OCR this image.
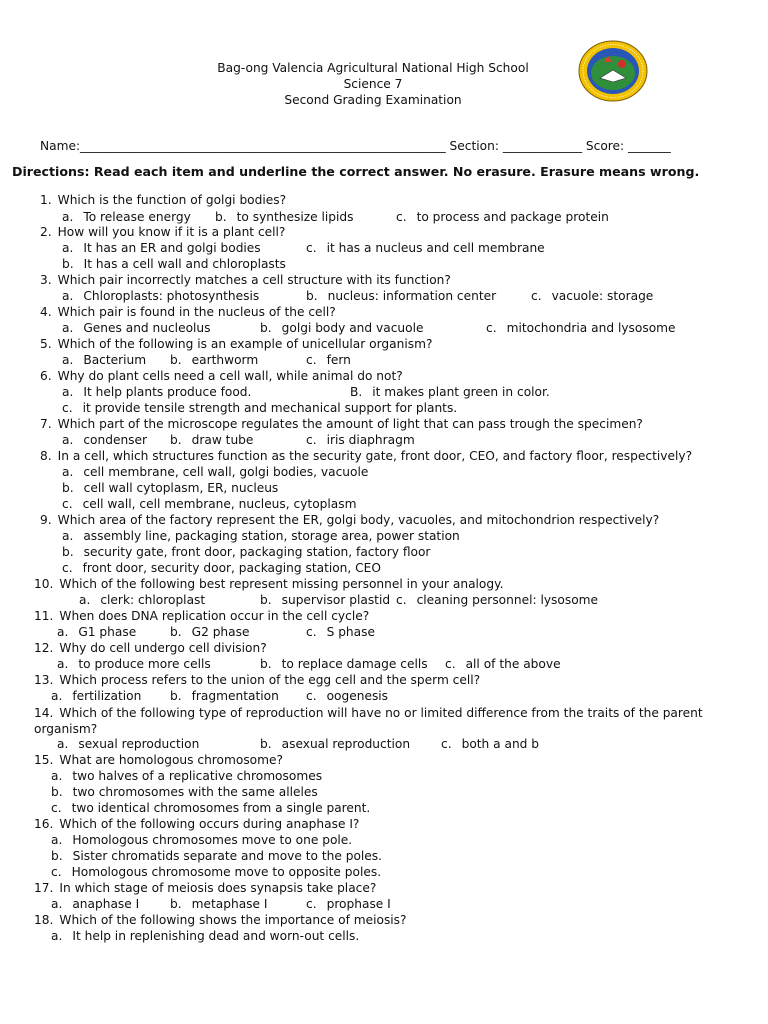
Bag-ong Valencia Agricultural National High School
Science 7
Second Grading Examination
Name:____________________________________________________________ Section: _____________ Score: _______
Directions: Read each item and underline the correct answer. No erasure. Erasure means wrong.
1. Which is the function of golgi bodies?
a. To release energy b. to synthesize lipids	c. to process and package protein
2. How will you know if it is a plant cell?
a. It has an ER and golgi bodies	c. it has a nucleus and cell membrane
b. It has a cell wall and chloroplasts
3. Which pair incorrectly matches a cell structure with its function?
a. Chloroplasts: photosynthesis	b. nucleus: information center	c. vacuole: storage
4. Which pair is found in the nucleus of the cell?
a. Genes and nucleolus	b. golgi body and vacuole	c. mitochondria and lysosome
5. Which of the following is an example of unicellular organism?
a. Bacterium b. earthworm	c. fern
6. Why do plant cells need a cell wall, while animal do not?
a. It help plants produce food.	B. it makes plant green in color.
c. it provide tensile strength and mechanical support for plants.
7. Which part of the microscope regulates the amount of light that can pass trough the specimen?
a. condenser b. draw tube	c. iris diaphragm
8. In a cell, which structures function as the security gate, front door, CEO, and factory floor, respectively?
a. cell membrane, cell wall, golgi bodies, vacuole
b. cell wall cytoplasm, ER, nucleus
c. cell wall, cell membrane, nucleus, cytoplasm
9. Which area of the factory represent the ER, golgi body, vacuoles, and mitochondrion respectively?
a. assembly line, packaging station, storage area, power station
b. security gate, front door, packaging station, factory floor
c. front door, security door, packaging station, CEO
10. Which of the following best represent missing personnel in your analogy.
a. clerk: chloroplast	b. supervisor plastid c. cleaning personnel: lysosome
11. When does DNA replication occur in the cell cycle?
a. G1 phase	b. G2 phase	c. S phase
12. Why do cell undergo cell division?
a. to produce more cells	b. to replace damage cells c. all of the above
13. Which process refers to the union of the egg cell and the sperm cell?
a. fertilization b. fragmentation c. oogenesis
14. Which of the following type of reproduction will have no or limited difference from the traits of the parent organism?
a. sexual reproduction	b. asexual reproduction	c. both a and b
15. What are homologous chromosome?
a. two halves of a replicative chromosomes
b. two chromosomes with the same alleles
c. two identical chromosomes from a single parent.
16. Which of the following occurs during anaphase I?
a. Homologous chromosomes move to one pole.
b. Sister chromatids separate and move to the poles.
c. Homologous chromosome move to opposite poles.
17. In which stage of meiosis does synapsis take place?
a. anaphase I	b. metaphase I	c. prophase I
18. Which of the following shows the importance of meiosis?
a. It help in replenishing dead and worn-out cells.
